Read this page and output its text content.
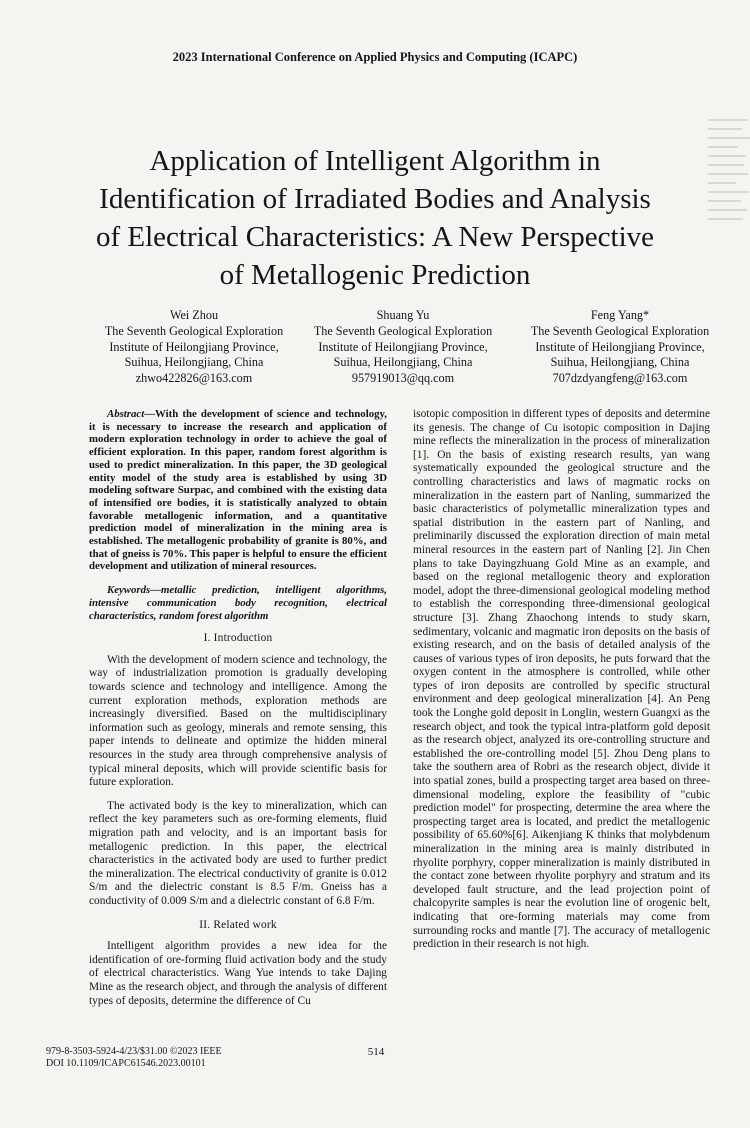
2023 International Conference on Applied Physics and Computing (ICAPC)
Application of Intelligent Algorithm in Identification of Irradiated Bodies and Analysis of Electrical Characteristics: A New Perspective of Metallogenic Prediction
Wei Zhou
The Seventh Geological Exploration
Institute of Heilongjiang Province,
Suihua, Heilongjiang, China
zhwo422826@163.com
Shuang Yu
The Seventh Geological Exploration
Institute of Heilongjiang Province,
Suihua, Heilongjiang, China
957919013@qq.com
Feng Yang*
The Seventh Geological Exploration
Institute of Heilongjiang Province,
Suihua, Heilongjiang, China
707dzdyangfeng@163.com

Abstract—With the development of science and technology, it is necessary to increase the research and application of modern exploration technology in order to achieve the goal of efficient exploration. In this paper, random forest algorithm is used to predict mineralization. In this paper, the 3D geological entity model of the study area is established by using 3D modeling software Surpac, and combined with the existing data of intensified ore bodies, it is statistically analyzed to obtain favorable metallogenic information, and a quantitative prediction model of mineralization in the mining area is established. The metallogenic probability of granite is 80%, and that of gneiss is 70%. This paper is helpful to ensure the efficient development and utilization of mineral resources.

Keywords—metallic prediction, intelligent algorithms, intensive communication body recognition, electrical characteristics, random forest algorithm

I. Introduction

With the development of modern science and technology, the way of industrialization promotion is gradually developing towards science and technology and intelligence. Among the current exploration methods, exploration methods are increasingly diversified. Based on the multidisciplinary information such as geology, minerals and remote sensing, this paper intends to delineate and optimize the hidden mineral resources in the study area through comprehensive analysis of typical mineral deposits, which will provide scientific basis for future exploration.

The activated body is the key to mineralization, which can reflect the key parameters such as ore-forming elements, fluid migration path and velocity, and is an important basis for metallogenic prediction. In this paper, the electrical characteristics in the activated body are used to further predict the mineralization. The electrical conductivity of granite is 0.012 S/m and the dielectric constant is 8.5 F/m. Gneiss has a conductivity of 0.009 S/m and a dielectric constant of 6.8 F/m.

II. Related work

Intelligent algorithm provides a new idea for the identification of ore-forming fluid activation body and the study of electrical characteristics. Wang Yue intends to take Dajing Mine as the research object, and through the analysis of different types of deposits, determine the difference of Cu

isotopic composition in different types of deposits and determine its genesis. The change of Cu isotopic composition in Dajing mine reflects the mineralization in the process of mineralization [1]. On the basis of existing research results, yan wang systematically expounded the geological structure and the controlling characteristics and laws of magmatic rocks on mineralization in the eastern part of Nanling, summarized the basic characteristics of polymetallic mineralization types and spatial distribution in the eastern part of Nanling, and preliminarily discussed the exploration direction of main metal mineral resources in the eastern part of Nanling [2]. Jin Chen plans to take Dayingzhuang Gold Mine as an example, and based on the regional metallogenic theory and exploration model, adopt the three-dimensional geological modeling method to establish the corresponding three-dimensional geological structure [3]. Zhang Zhaochong intends to study skarn, sedimentary, volcanic and magmatic iron deposits on the basis of existing research, and on the basis of detailed analysis of the causes of various types of iron deposits, he puts forward that the oxygen content in the atmosphere is controlled, while other types of iron deposits are controlled by specific structural environment and deep geological mineralization [4]. An Peng took the Longhe gold deposit in Longlin, western Guangxi as the research object, and took the typical intra-platform gold deposit as the research object, analyzed its ore-controlling structure and established the ore-controlling model [5]. Zhou Deng plans to take the southern area of Robri as the research object, divide it into spatial zones, build a prospecting target area based on three-dimensional modeling, explore the feasibility of "cubic prediction model" for prospecting, determine the area where the prospecting target area is located, and predict the metallogenic possibility of 65.60%[6]. Aikenjiang K thinks that molybdenum mineralization in the mining area is mainly distributed in rhyolite porphyry, copper mineralization is mainly distributed in the contact zone between rhyolite porphyry and stratum and its developed fault structure, and the lead projection point of chalcopyrite samples is near the evolution line of orogenic belt, indicating that ore-forming materials may come from surrounding rocks and mantle [7]. The accuracy of metallogenic prediction in their research is not high.

979-8-3503-5924-4/23/$31.00 ©2023 IEEE
DOI 10.1109/ICAPC61546.2023.00101
514
